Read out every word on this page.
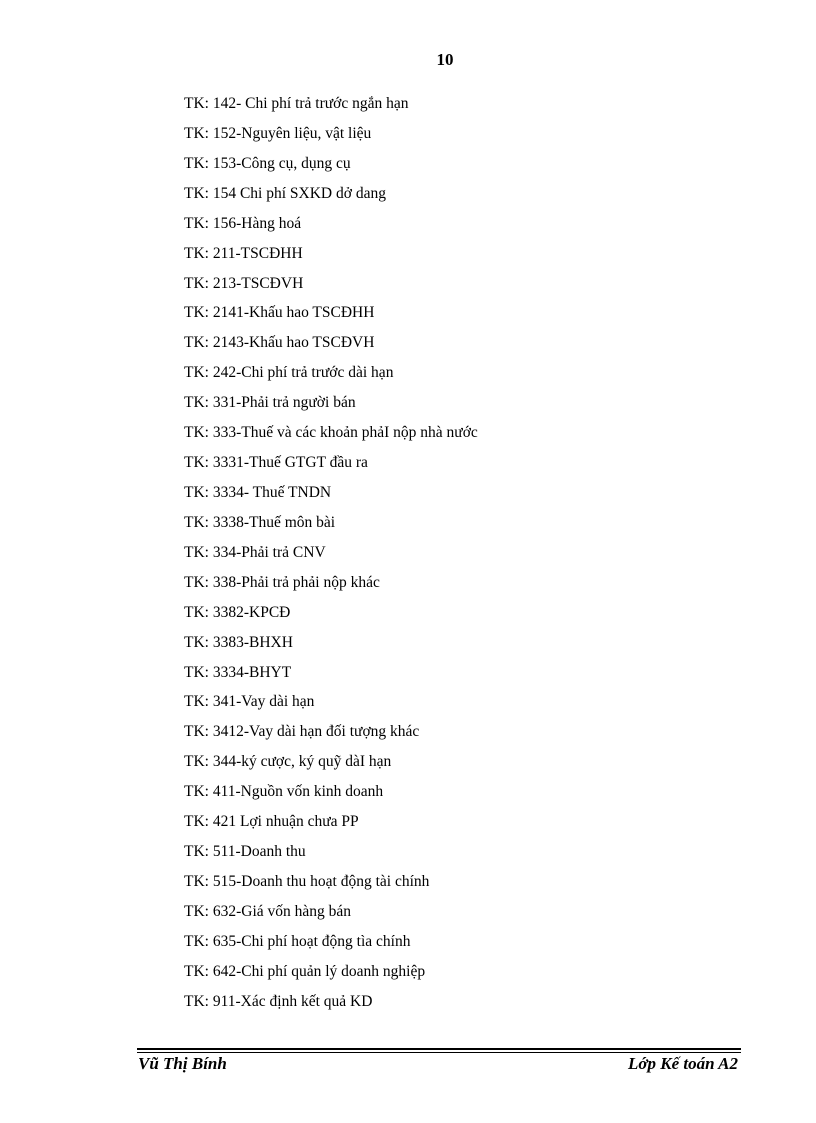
10
TK: 142- Chi phí trả trước ngắn hạn
TK: 152-Nguyên liệu, vật liệu
TK: 153-Công cụ, dụng cụ
TK: 154 Chi phí SXKD dở dang
TK: 156-Hàng hoá
TK: 211-TSCĐHH
TK: 213-TSCĐVH
TK: 2141-Khấu hao TSCĐHH
TK: 2143-Khấu hao TSCĐVH
TK: 242-Chi phí trả trước dài hạn
TK: 331-Phải trả người bán
TK: 333-Thuế và các khoản phảI nộp nhà nước
TK: 3331-Thuế GTGT đầu ra
TK: 3334- Thuế TNDN
TK: 3338-Thuế môn bài
TK: 334-Phải trả CNV
TK: 338-Phải trả phải nộp khác
TK: 3382-KPCĐ
TK: 3383-BHXH
TK: 3334-BHYT
TK: 341-Vay dài hạn
TK: 3412-Vay dài hạn đối tượng khác
TK: 344-ký cược, ký quỹ dàI hạn
TK: 411-Nguồn vốn kinh doanh
TK: 421 Lợi nhuận chưa PP
TK: 511-Doanh thu
TK: 515-Doanh thu hoạt động tài chính
TK: 632-Giá vốn hàng bán
TK: 635-Chi phí hoạt động tìa chính
TK: 642-Chi phí quản lý doanh nghiệp
TK: 911-Xác định kết quả KD
Vũ Thị Bính	Lớp Kế toán A2
